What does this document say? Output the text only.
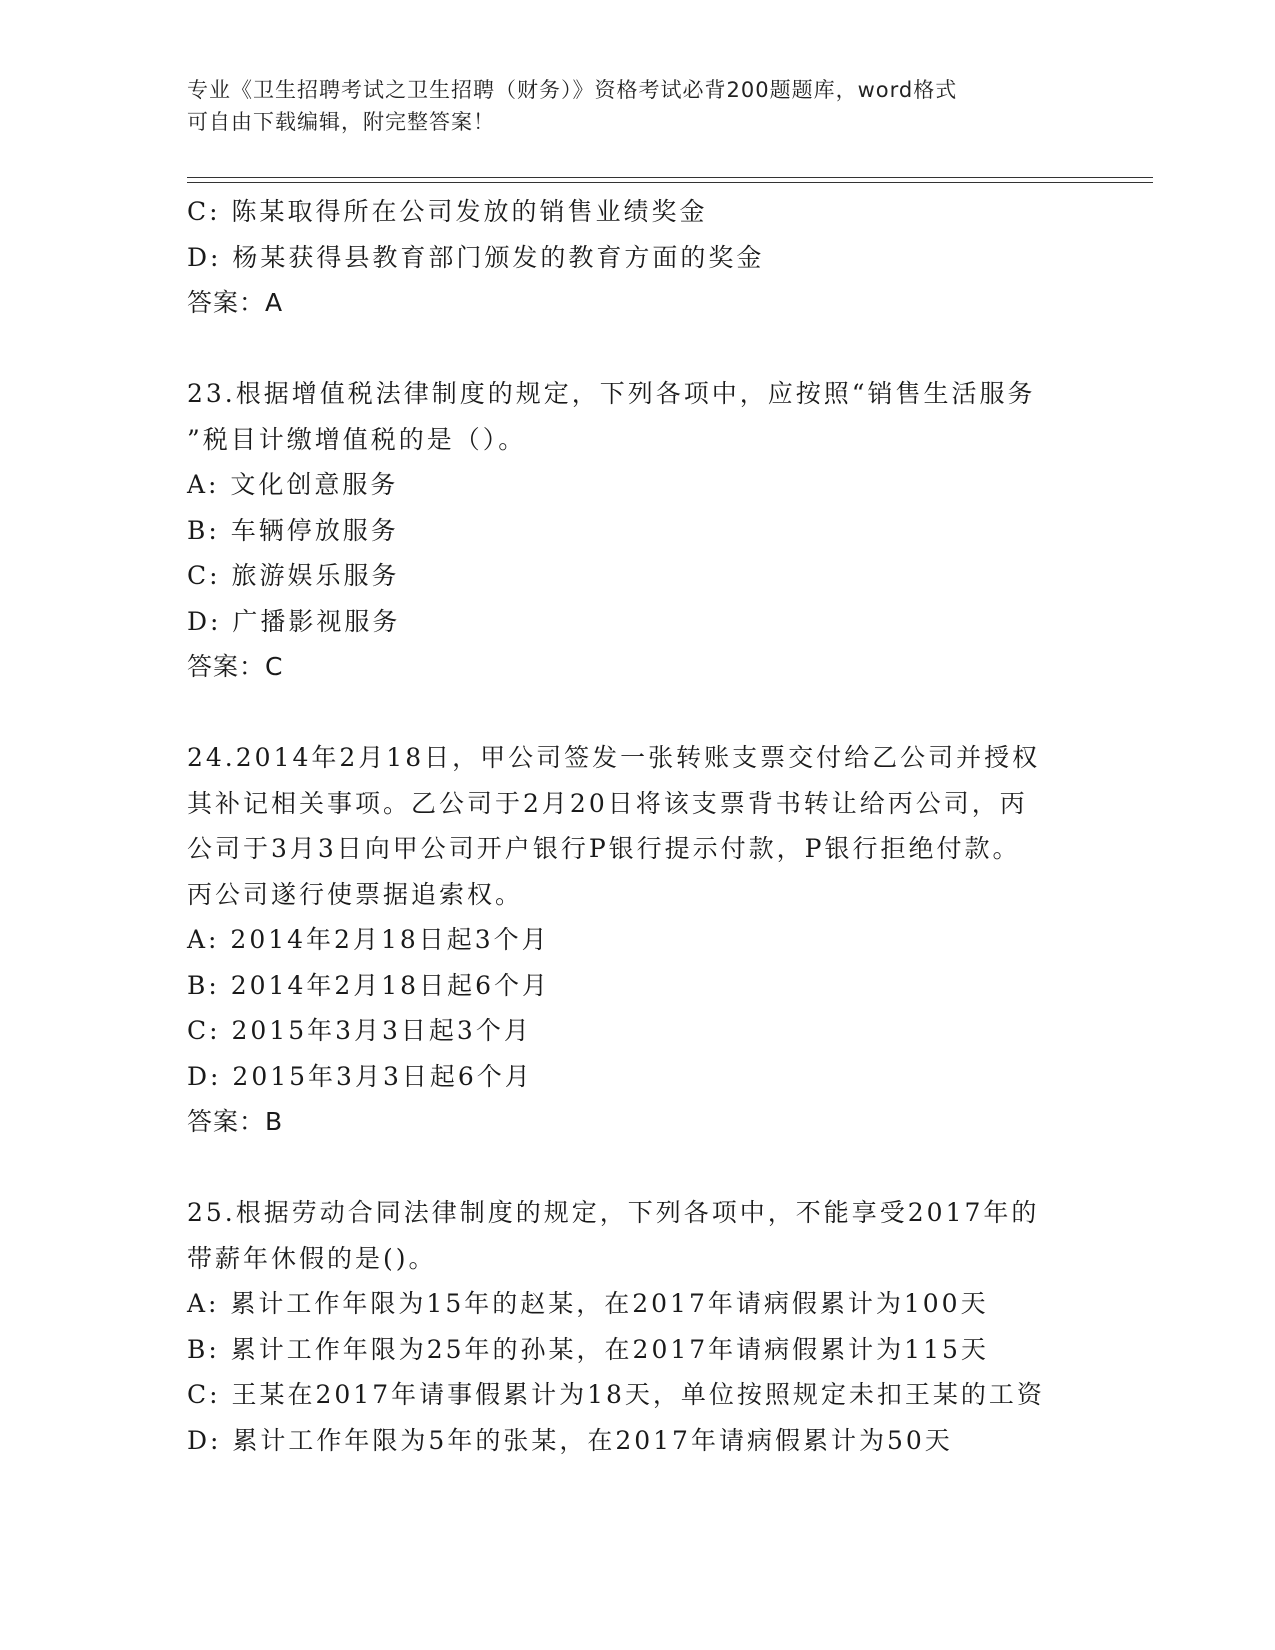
专业《卫生招聘考试之卫生招聘（财务）》资格考试必背200题题库，word格式
可自由下载编辑，附完整答案！
C: 陈某取得所在公司发放的销售业绩奖金
D: 杨某获得县教育部门颁发的教育方面的奖金
答案：A
23.根据增值税法律制度的规定，下列各项中，应按照“销售生活服务
”税目计缴增值税的是（）。
A: 文化创意服务
B: 车辆停放服务
C: 旅游娱乐服务
D: 广播影视服务
答案：C
24.2014年2月18日，甲公司签发一张转账支票交付给乙公司并授权
其补记相关事项。乙公司于2月20日将该支票背书转让给丙公司，丙
公司于3月3日向甲公司开户银行P银行提示付款，P银行拒绝付款。
丙公司遂行使票据追索权。
A: 2014年2月18日起3个月
B: 2014年2月18日起6个月
C: 2015年3月3日起3个月
D: 2015年3月3日起6个月
答案：B
25.根据劳动合同法律制度的规定，下列各项中，不能享受2017年的
带薪年休假的是()。
A: 累计工作年限为15年的赵某，在2017年请病假累计为100天
B: 累计工作年限为25年的孙某，在2017年请病假累计为115天
C: 王某在2017年请事假累计为18天，单位按照规定未扣王某的工资
D: 累计工作年限为5年的张某，在2017年请病假累计为50天
